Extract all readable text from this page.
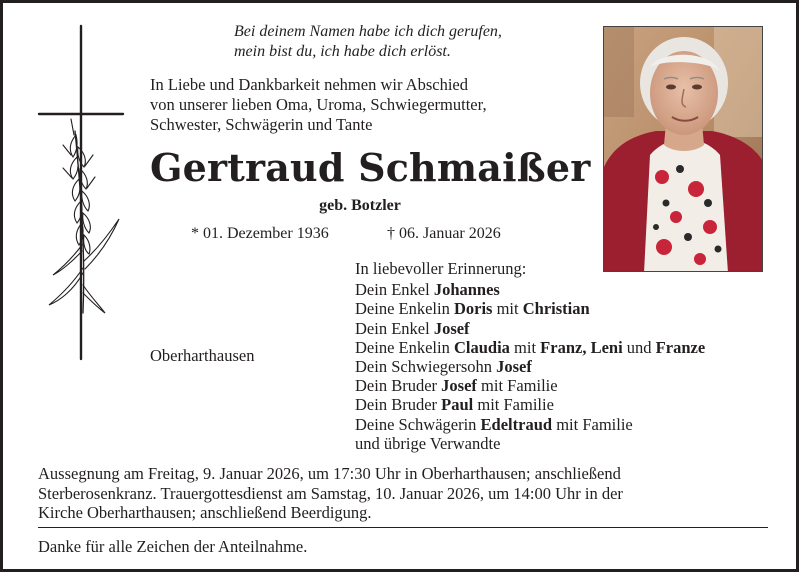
Bei deinem Namen habe ich dich gerufen,
mein bist du, ich habe dich erlöst.
In Liebe und Dankbarkeit nehmen wir Abschied
von unserer lieben Oma, Uroma, Schwiegermutter,
Schwester, Schwägerin und Tante
Gertraud Schmaißer
geb. Botzler
* 01. Dezember 1936	† 06. Januar 2026
Oberharthausen
In liebevoller Erinnerung:
Dein Enkel Johannes
Deine Enkelin Doris mit Christian
Dein Enkel Josef
Deine Enkelin Claudia mit Franz, Leni und Franze
Dein Schwiegersohn Josef
Dein Bruder Josef mit Familie
Dein Bruder Paul mit Familie
Deine Schwägerin Edeltraud mit Familie
und übrige Verwandte
Aussegnung am Freitag, 9. Januar 2026, um 17:30 Uhr in Oberharthausen; anschließend
Sterberosenkranz. Trauergottesdienst am Samstag, 10. Januar 2026, um 14:00 Uhr in der
Kirche Oberharthausen; anschließend Beerdigung.
Danke für alle Zeichen der Anteilnahme.
